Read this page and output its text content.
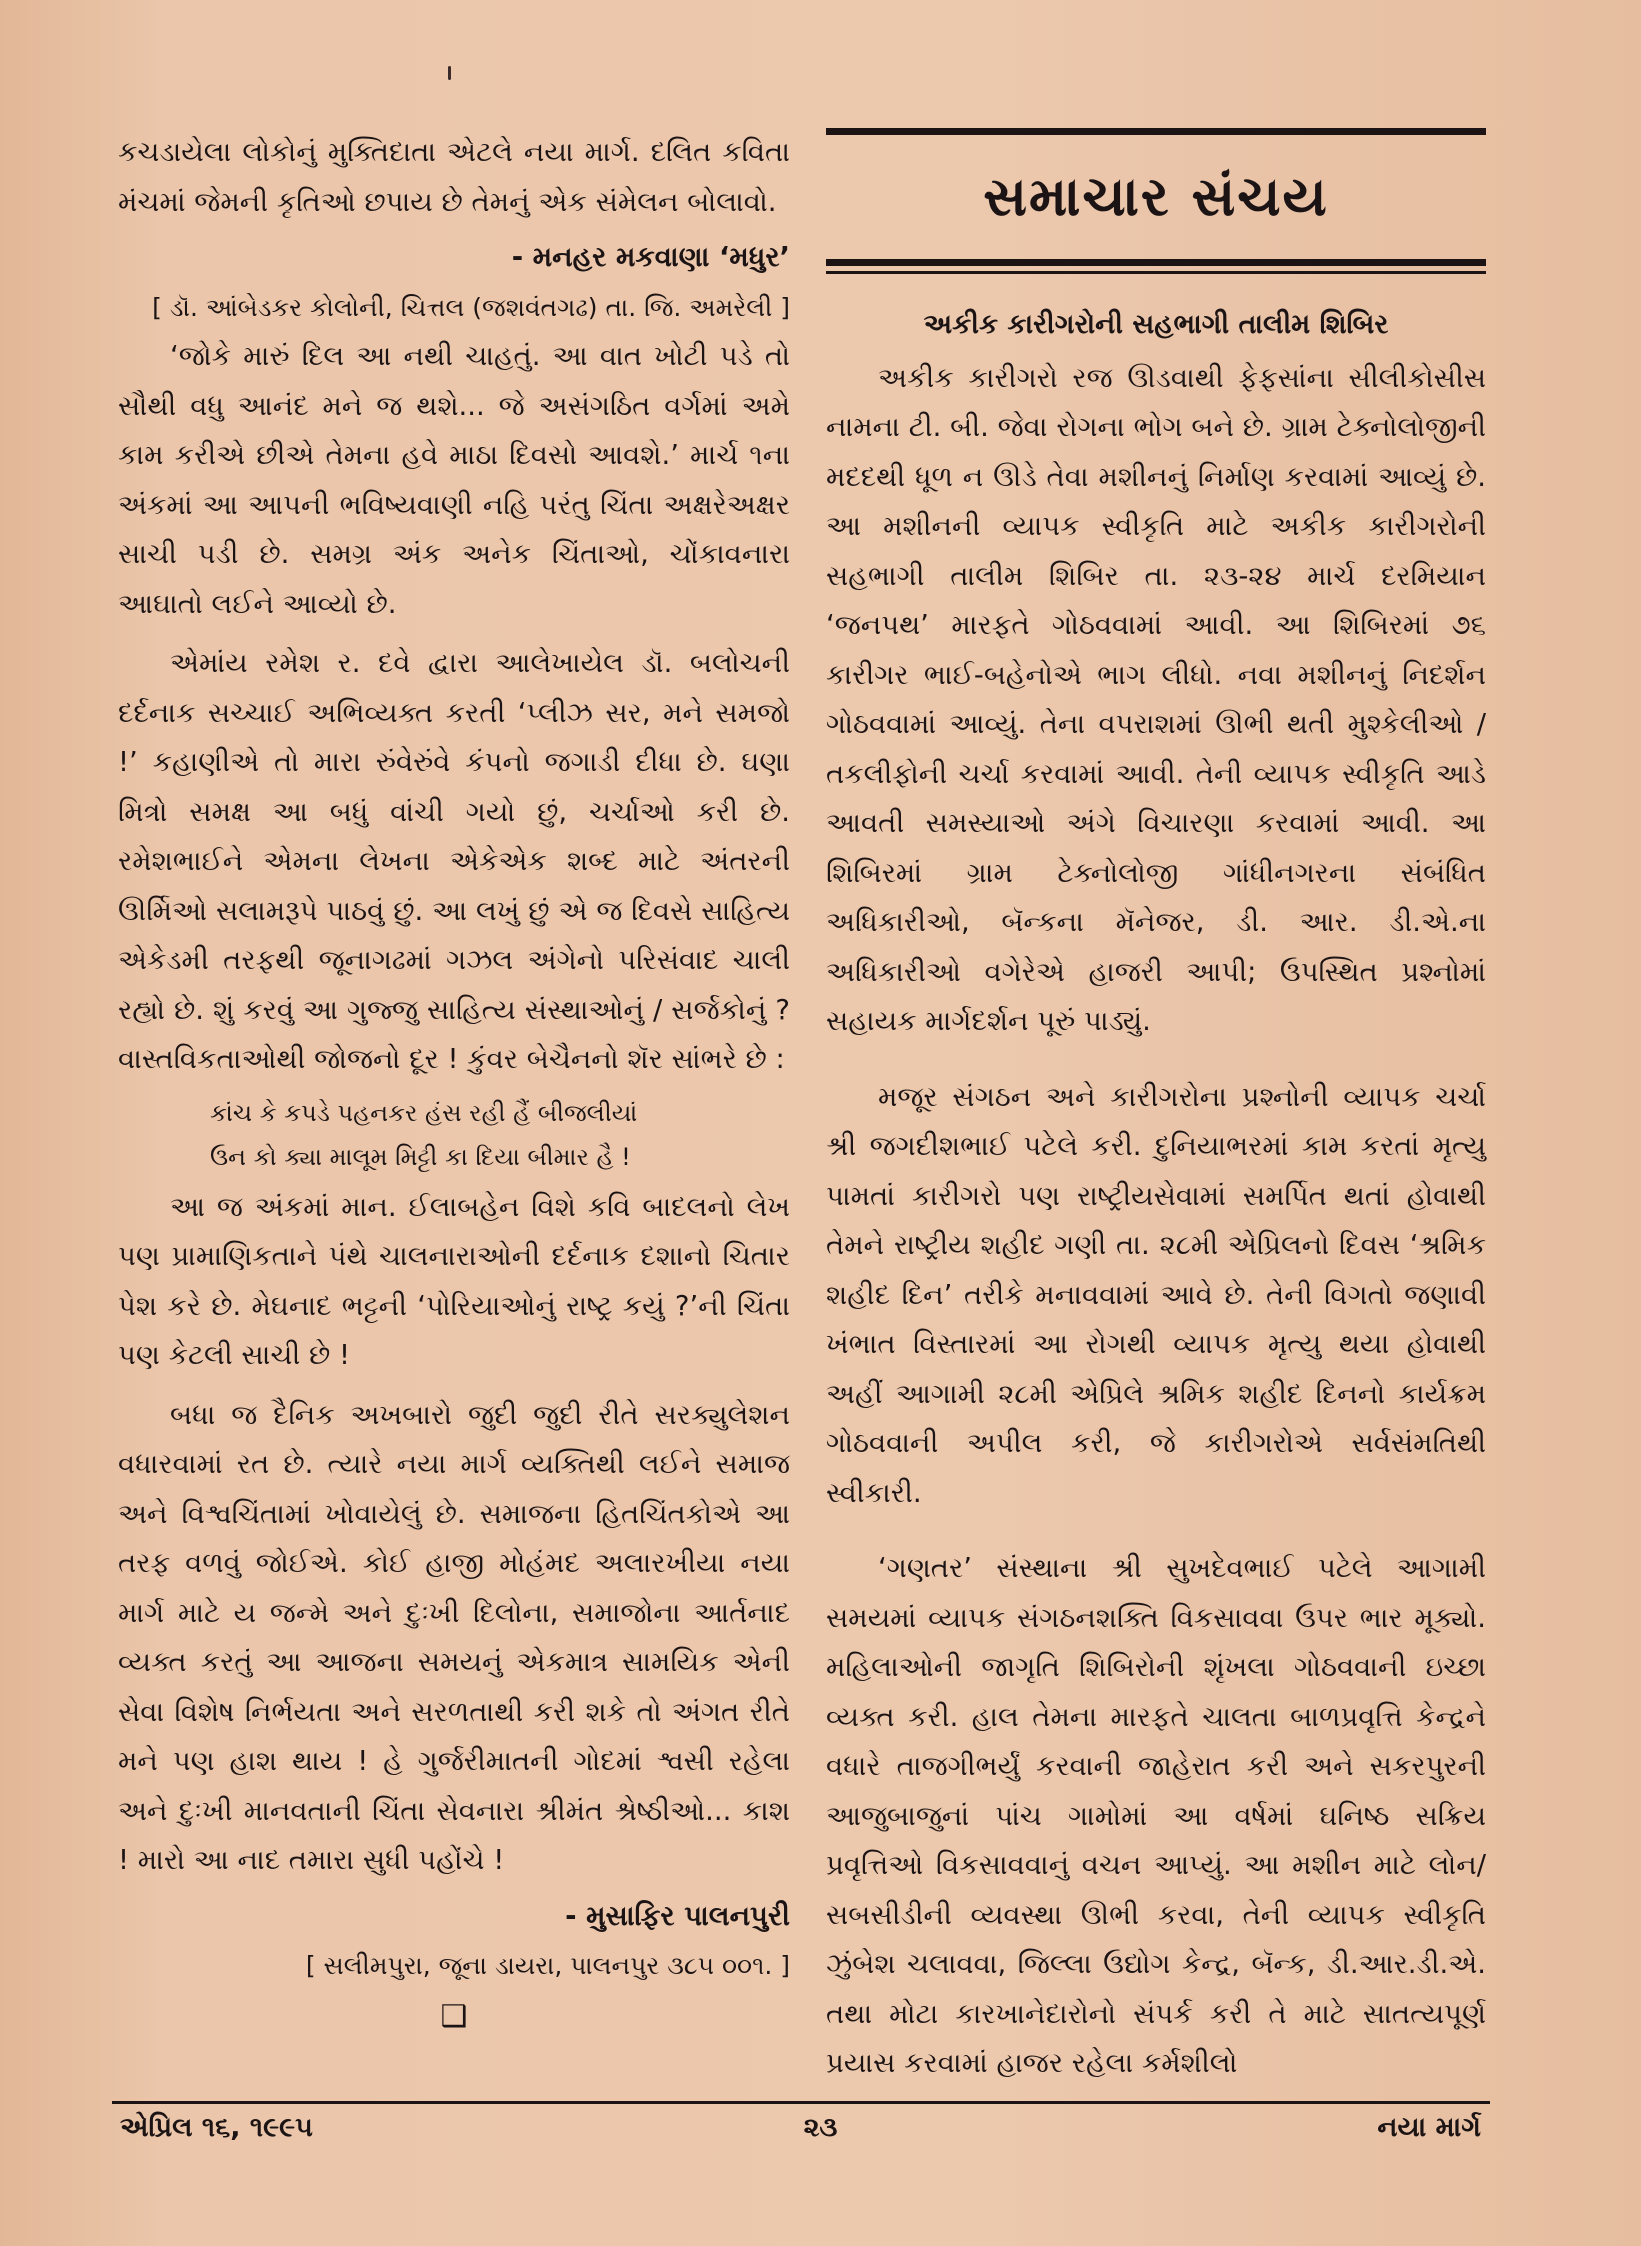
કચડાયેલા લોકોનું મુક્તિદાતા એટલે નયા માર્ગ. દલિત કવિતા મંચમાં જેમની કૃતિઓ છપાય છે તેમનું એક સંમેલન બોલાવો.

- મનહર મકવાણા ‘મધુર’

[ ડૉ. આંબેડકર કોલોની, ચિત્તલ (જશવંતગઢ) તા. જિ. અમરેલી ]

‘જોકે મારું દિલ આ નથી ચાહતું. આ વાત ખોટી પડે તો સૌથી વધુ આનંદ મને જ થશે... જે અસંગઠિત વર્ગમાં અમે કામ કરીએ છીએ તેમના હવે માઠા દિવસો આવશે.’ માર્ચ ૧ના અંકમાં આ આપની ભવિષ્યવાણી નહિ પરંતુ ચિંતા અક્ષરેઅક્ષર સાચી પડી છે. સમગ્ર અંક અનેક ચિંતાઓ, ચોંકાવનારા આઘાતો લઈને આવ્યો છે.

એમાંય રમેશ ર. દવે દ્વારા આલેખાયેલ ડૉ. બલોચની દર્દનાક સચ્ચાઈ અભિવ્યક્ત કરતી ‘પ્લીઝ સર, મને સમજો !’ કહાણીએ તો મારા રુંવેરુંવે કંપનો જગાડી દીધા છે. ઘણા મિત્રો સમક્ષ આ બધું વાંચી ગયો છું, ચર્ચાઓ કરી છે. રમેશભાઈને એમના લેખના એકેએક શબ્દ માટે અંતરની ઊર્મિઓ સલામરૂપે પાઠવું છું. આ લખું છું એ જ દિવસે સાહિત્ય એકેડમી તરફથી જૂનાગઢમાં ગઝલ અંગેનો પરિસંવાદ ચાલી રહ્યો છે. શું કરવું આ ગુજ્જુ સાહિત્ય સંસ્થાઓનું / સર્જકોનું ? વાસ્તવિકતાઓથી જોજનો દૂર ! કુંવર બેચૈનનો શૅર સાંભરે છે :

કાંચ કે કપડે પહનકર હંસ રહી હૈં બીજલીયાં
ઉન કો ક્યા માલૂમ મિટ્ટી કા દિયા બીમાર હૈ !

આ જ અંકમાં માન. ઈલાબહેન વિશે કવિ બાદલનો લેખ પણ પ્રામાણિકતાને પંથે ચાલનારાઓની દર્દનાક દશાનો ચિતાર પેશ કરે છે. મેઘનાદ ભટ્ટની ‘પોરિયાઓનું રાષ્ટ્ર કયું ?’ની ચિંતા પણ કેટલી સાચી છે !

બધા જ દૈનિક અખબારો જુદી જુદી રીતે સરક્યુલેશન વધારવામાં રત છે. ત્યારે નયા માર્ગ વ્યક્તિથી લઈને સમાજ અને વિશ્વચિંતામાં ખોવાયેલું છે. સમાજના હિતચિંતકોએ આ તરફ વળવું જોઈએ. કોઈ હાજી મોહંમદ અલારખીયા નયા માર્ગ માટે ય જન્મે અને દુઃખી દિલોના, સમાજોના આર્તનાદ વ્યક્ત કરતું આ આજના સમયનું એકમાત્ર સામયિક એની સેવા વિશેષ નિર્ભયતા અને સરળતાથી કરી શકે તો અંગત રીતે મને પણ હાશ થાય ! હે ગુર્જરીમાતની ગોદમાં શ્વસી રહેલા અને દુઃખી માનવતાની ચિંતા સેવનારા શ્રીમંત શ્રેષ્ઠીઓ... કાશ ! મારો આ નાદ તમારા સુધી પહોંચે !

- મુસાફિર પાલનપુરી

[ સલીમપુરા, જૂના ડાયરા, પાલનપુર ૩૮૫ ૦૦૧. ]

❑
સમાચાર સંચય
અકીક કારીગરોની સહભાગી તાલીમ શિબિર

અકીક કારીગરો રજ ઊડવાથી ફેફસાંના સીલીકોસીસ નામના ટી. બી. જેવા રોગના ભોગ બને છે. ગ્રામ ટેક્નોલોજીની મદદથી ધૂળ ન ઊડે તેવા મશીનનું નિર્માણ કરવામાં આવ્યું છે. આ મશીનની વ્યાપક સ્વીકૃતિ માટે અકીક કારીગરોની સહભાગી તાલીમ શિબિર તા. ૨૩-૨૪ માર્ચ દરમિયાન ‘જનપથ’ મારફતે ગોઠવવામાં આવી. આ શિબિરમાં ૭૬ કારીગર ભાઈ-બહેનોએ ભાગ લીધો. નવા મશીનનું નિદર્શન ગોઠવવામાં આવ્યું. તેના વપરાશમાં ઊભી થતી મુશ્કેલીઓ / તકલીફોની ચર્ચા કરવામાં આવી. તેની વ્યાપક સ્વીકૃતિ આડે આવતી સમસ્યાઓ અંગે વિચારણા કરવામાં આવી. આ શિબિરમાં ગ્રામ ટેક્નોલોજી ગાંધીનગરના સંબંધિત અધિકારીઓ, બૅન્કના મૅનેજર, ડી. આર. ડી.એ.ના અધિકારીઓ વગેરેએ હાજરી આપી; ઉપસ્થિત પ્રશ્નોમાં સહાયક માર્ગદર્શન પૂરું પાડ્યું.

મજૂર સંગઠન અને કારીગરોના પ્રશ્નોની વ્યાપક ચર્ચા શ્રી જગદીશભાઈ પટેલે કરી. દુનિયાભરમાં કામ કરતાં મૃત્યુ પામતાં કારીગરો પણ રાષ્ટ્રીયસેવામાં સમર્પિત થતાં હોવાથી તેમને રાષ્ટ્રીય શહીદ ગણી તા. ૨૮મી એપ્રિલનો દિવસ ‘શ્રમિક શહીદ દિન’ તરીકે મનાવવામાં આવે છે. તેની વિગતો જણાવી ખંભાત વિસ્તારમાં આ રોગથી વ્યાપક મૃત્યુ થયા હોવાથી અહીં આગામી ૨૮મી એપ્રિલે શ્રમિક શહીદ દિનનો કાર્યક્રમ ગોઠવવાની અપીલ કરી, જે કારીગરોએ સર્વસંમતિથી સ્વીકારી.

‘ગણતર’ સંસ્થાના શ્રી સુખદેવભાઈ પટેલે આગામી સમયમાં વ્યાપક સંગઠનશક્તિ વિકસાવવા ઉપર ભાર મૂક્યો. મહિલાઓની જાગૃતિ શિબિરોની શૃંખલા ગોઠવવાની ઇચ્છા વ્યક્ત કરી. હાલ તેમના મારફતે ચાલતા બાળપ્રવૃત્તિ કેન્દ્રને વધારે તાજગીભર્યું કરવાની જાહેરાત કરી અને સકરપુરની આજુબાજુનાં પાંચ ગામોમાં આ વર્ષમાં ઘનિષ્ઠ સક્રિય પ્રવૃત્તિઓ વિકસાવવાનું વચન આપ્યું. આ મશીન માટે લોન/સબસીડીની વ્યવસ્થા ઊભી કરવા, તેની વ્યાપક સ્વીકૃતિ ઝુંબેશ ચલાવવા, જિલ્લા ઉદ્યોગ કેન્દ્ર, બૅન્ક, ડી.આર.ડી.એ. તથા મોટા કારખાનેદારોનો સંપર્ક કરી તે માટે સાતત્યપૂર્ણ પ્રયાસ કરવામાં હાજર રહેલા કર્મશીલો

એપ્રિલ ૧૬, ૧૯૯૫	૨૩	નયા માર્ગ
